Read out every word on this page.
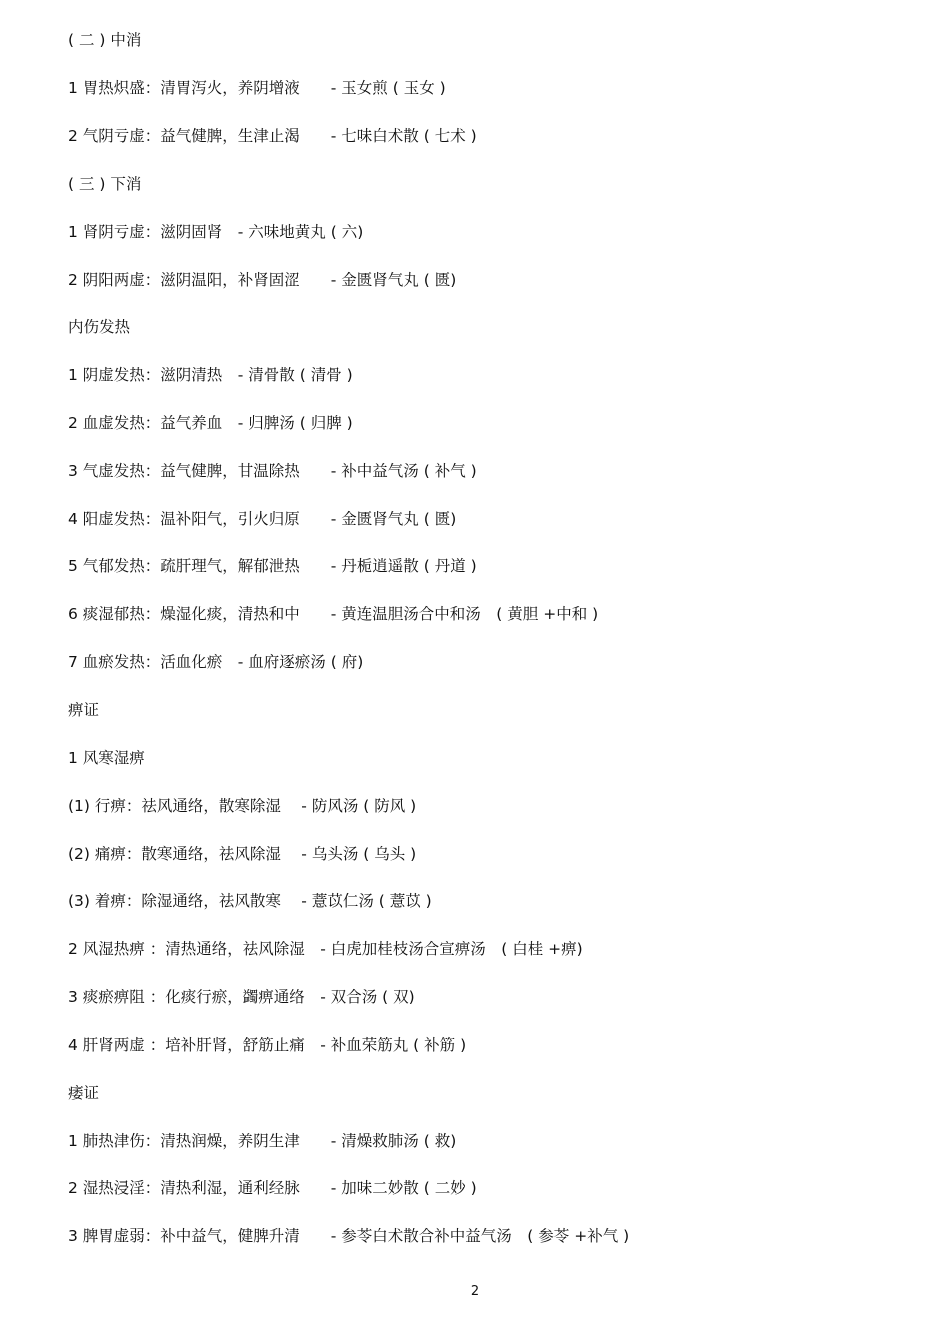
( 二 ) 中消
1 胃热炽盛：清胃泻火，养阴增液　　- 玉女煎 ( 玉女 )
2 气阴亏虚：益气健脾，生津止渴　　- 七味白术散 ( 七术 )
( 三 ) 下消
1 肾阴亏虚：滋阴固肾　- 六味地黄丸 ( 六)
2 阴阳两虚：滋阴温阳，补肾固涩　　- 金匮肾气丸 ( 匮)
内伤发热
1 阴虚发热：滋阴清热　- 清骨散 ( 清骨 )
2 血虚发热：益气养血　- 归脾汤 ( 归脾 )
3 气虚发热：益气健脾，甘温除热　　- 补中益气汤 ( 补气 )
4 阳虚发热：温补阳气，引火归原　　- 金匮肾气丸 ( 匮)
5 气郁发热：疏肝理气，解郁泄热　　- 丹栀逍遥散 ( 丹道 )
6 痰湿郁热：燥湿化痰，清热和中　　- 黄连温胆汤合中和汤　( 黄胆 +中和 )
7 血瘀发热：活血化瘀　- 血府逐瘀汤 ( 府)
痹证
1 风寒湿痹
(1) 行痹：祛风通络，散寒除湿　 - 防风汤 ( 防风 )
(2) 痛痹：散寒通络，祛风除湿　 - 乌头汤 ( 乌头 )
(3) 着痹：除湿通络，祛风散寒　 - 薏苡仁汤 ( 薏苡 )
2 风湿热痹 ：清热通络，祛风除湿　- 白虎加桂枝汤合宣痹汤　( 白桂 +痹)
3 痰瘀痹阻 ：化痰行瘀，蠲痹通络　- 双合汤 ( 双)
4 肝肾两虚 ：培补肝肾，舒筋止痛　- 补血荣筋丸 ( 补筋 )
痿证
1 肺热津伤：清热润燥，养阴生津　　- 清燥救肺汤 ( 救)
2 湿热浸淫：清热利湿，通利经脉　　- 加味二妙散 ( 二妙 )
3 脾胃虚弱：补中益气，健脾升清　　- 参苓白术散合补中益气汤　( 参苓 +补气 )
2
